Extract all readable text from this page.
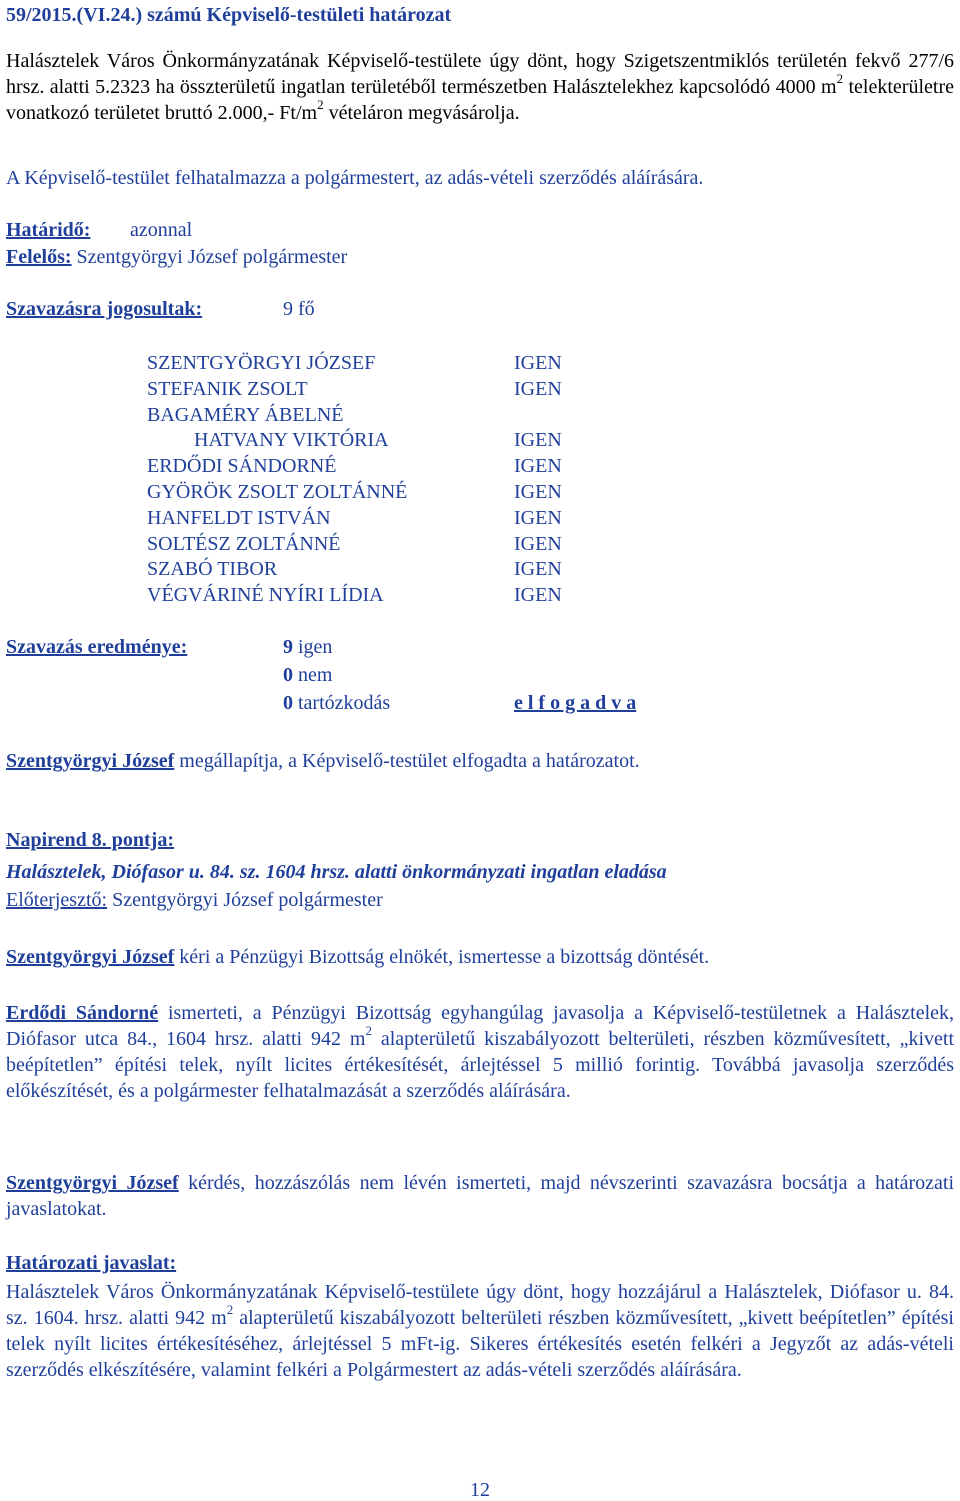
59/2015.(VI.24.) számú Képviselő-testületi határozat

Halásztelek Város Önkormányzatának Képviselő-testülete úgy dönt, hogy Szigetszentmiklós területén fekvő 277/6 hrsz. alatti 5.2323 ha összterületű ingatlan területéből természetben Halásztelekhez kapcsolódó 4000 $m^2$ telekterületre vonatkozó területet bruttó 2.000,- $Ft/m^2$ vételáron megvásárolja.

A Képviselő-testület felhatalmazza a polgármestert, az adás-vételi szerződés aláírására.
Határidő: azonnal
Felelős: Szentgyörgyi József polgármester
Szavazásra jogosultak:	9 fő
SZENTGYÖRGYI JÓZSEF	IGEN
STEFANIK ZSOLT	IGEN
BAGAMÉRY ÁBELNÉ
HATVANY VIKTÓRIA	IGEN
ERDŐDI SÁNDORNÉ	IGEN
GYÖRÖK ZSOLT ZOLTÁNNÉ	IGEN
HANFELDT ISTVÁN	IGEN
SOLTÉSZ ZOLTÁNNÉ	IGEN
SZABÓ TIBOR	IGEN
VÉGVÁRINÉ NYÍRI LÍDIA	IGEN
Szavazás eredménye:	9 igen
0 nem
0 tartózkodás	e l f o g a d v a
Szentgyörgyi József megállapítja, a Képviselő-testület elfogadta a határozatot.
Napirend 8. pontja:
Halásztelek, Diófasor u. 84. sz. 1604 hrsz. alatti önkormányzati ingatlan eladása
Előterjesztő: Szentgyörgyi József polgármester
Szentgyörgyi József kéri a Pénzügyi Bizottság elnökét, ismertesse a bizottság döntését.

Erdődi Sándorné ismerteti, a Pénzügyi Bizottság egyhangúlag javasolja a Képviselő-testületnek a Halásztelek, Diófasor utca 84., 1604 hrsz. alatti 942 $m^2$ alapterületű kiszabályozott belterületi, részben közművesített, „kivett beépítetlen” építési telek, nyílt licites értékesítését, árlejtéssel 5 millió forintig. Továbbá javasolja szerződés előkészítését, és a polgármester felhatalmazását a szerződés aláírására.

Szentgyörgyi József kérdés, hozzászólás nem lévén ismerteti, majd névszerinti szavazásra bocsátja a határozati javaslatokat.

Határozati javaslat:

Halásztelek Város Önkormányzatának Képviselő-testülete úgy dönt, hogy hozzájárul a Halásztelek, Diófasor u. 84. sz. 1604. hrsz. alatti 942 $m^2$ alapterületű kiszabályozott belterületi részben közművesített, „kivett beépítetlen” építési telek nyílt licites értékesítéséhez, árlejtéssel 5 mFt-ig. Sikeres értékesítés esetén felkéri a Jegyzőt az adás-vételi szerződés elkészítésére, valamint felkéri a Polgármestert az adás-vételi szerződés aláírására.

12
